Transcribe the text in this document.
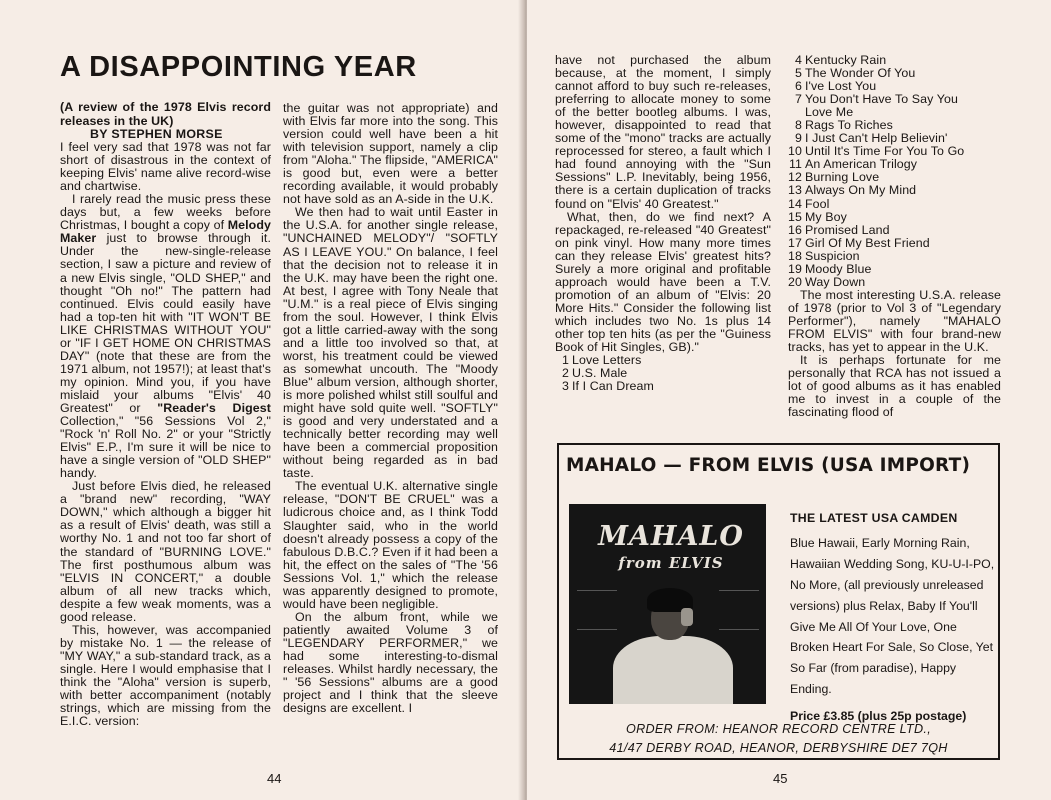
A DISAPPOINTING YEAR

(A review of the 1978 Elvis record releases in the UK)

BY STEPHEN MORSE

I feel very sad that 1978 was not far short of disastrous in the context of keeping Elvis' name alive record-wise and chartwise.

I rarely read the music press these days but, a few weeks before Christmas, I bought a copy of Melody Maker just to browse through it. Under the new-single-release section, I saw a picture and review of a new Elvis single, "OLD SHEP," and thought "Oh no!" The pattern had continued. Elvis could easily have had a top-ten hit with "IT WON'T BE LIKE CHRISTMAS WITHOUT YOU" or "IF I GET HOME ON CHRISTMAS DAY" (note that these are from the 1971 album, not 1957!); at least that's my opinion. Mind you, if you have mislaid your albums "Elvis' 40 Greatest" or "Reader's Digest Collection," "56 Sessions Vol 2," "Rock 'n' Roll No. 2" or your "Strictly Elvis" E.P., I'm sure it will be nice to have a single version of "OLD SHEP" handy.

Just before Elvis died, he released a "brand new" recording, "WAY DOWN," which although a bigger hit as a result of Elvis' death, was still a worthy No. 1 and not too far short of the standard of "BURNING LOVE." The first posthumous album was "ELVIS IN CONCERT," a double album of all new tracks which, despite a few weak moments, was a good release.

This, however, was accompanied by mistake No. 1 — the release of "MY WAY," a sub-standard track, as a single. Here I would emphasise that I think the "Aloha" version is superb, with better accompaniment (notably strings, which are missing from the E.I.C. version:

the guitar was not appropriate) and with Elvis far more into the song. This version could well have been a hit with television support, namely a clip from "Aloha." The flipside, "AMERICA" is good but, even were a better recording available, it would probably not have sold as an A-side in the U.K.

We then had to wait until Easter in the U.S.A. for another single release, "UNCHAINED MELODY"/ "SOFTLY AS I LEAVE YOU." On balance, I feel that the decision not to release it in the U.K. may have been the right one. At best, I agree with Tony Neale that "U.M." is a real piece of Elvis singing from the soul. However, I think Elvis got a little carried-away with the song and a little too involved so that, at worst, his treatment could be viewed as somewhat uncouth. The "Moody Blue" album version, although shorter, is more polished whilst still soulful and might have sold quite well. "SOFTLY" is good and very understated and a technically better recording may well have been a commercial proposition without being regarded as in bad taste.

The eventual U.K. alternative single release, "DON'T BE CRUEL" was a ludicrous choice and, as I think Todd Slaughter said, who in the world doesn't already possess a copy of the fabulous D.B.C.? Even if it had been a hit, the effect on the sales of "The '56 Sessions Vol. 1," which the release was apparently designed to promote, would have been negligible.

On the album front, while we patiently awaited Volume 3 of "LEGENDARY PERFORMER," we had some interesting-to-dismal releases. Whilst hardly necessary, the " '56 Sessions" albums are a good project and I think that the sleeve designs are excellent. I

44

have not purchased the album because, at the moment, I simply cannot afford to buy such re-releases, preferring to allocate money to some of the better bootleg albums. I was, however, disappointed to read that some of the "mono" tracks are actually reprocessed for stereo, a fault which I had found annoying with the "Sun Sessions" L.P. Inevitably, being 1956, there is a certain duplication of tracks found on "Elvis' 40 Greatest."

What, then, do we find next? A repackaged, re-released "40 Greatest" on pink vinyl. How many more times can they release Elvis' greatest hits? Surely a more original and profitable approach would have been a T.V. promotion of an album of "Elvis: 20 More Hits." Consider the following list which includes two No. 1s plus 14 other top ten hits (as per the "Guiness Book of Hit Singles, GB)."

1 Love Letters
2 U.S. Male
3 If I Can Dream
4 Kentucky Rain
5 The Wonder Of You
6 I've Lost You
7 You Don't Have To Say You
Love Me
8 Rags To Riches
9 I Just Can't Help Believin'
10 Until It's Time For You To Go
11 An American Trilogy
12 Burning Love
13 Always On My Mind
14 Fool
15 My Boy
16 Promised Land
17 Girl Of My Best Friend
18 Suspicion
19 Moody Blue
20 Way Down

The most interesting U.S.A. release of 1978 (prior to Vol 3 of "Legendary Performer"), namely "MAHALO FROM ELVIS" with four brand-new tracks, has yet to appear in the U.K.

It is perhaps fortunate for me personally that RCA has not issued a lot of good albums as it has enabled me to invest in a couple of the fascinating flood of

45
MAHALO — FROM ELVIS (USA IMPORT)
MAHALO
from ELVIS
THE LATEST USA CAMDEN
Blue Hawaii, Early Morning Rain, Hawaiian Wedding Song, KU-U-I-PO, No More, (all previously unreleased versions) plus Relax, Baby If You'll Give Me All Of Your Love, One Broken Heart For Sale, So Close, Yet So Far (from paradise), Happy Ending.
Price £3.85 (plus 25p postage)
ORDER FROM: HEANOR RECORD CENTRE LTD.,
41/47 DERBY ROAD, HEANOR, DERBYSHIRE DE7 7QH
